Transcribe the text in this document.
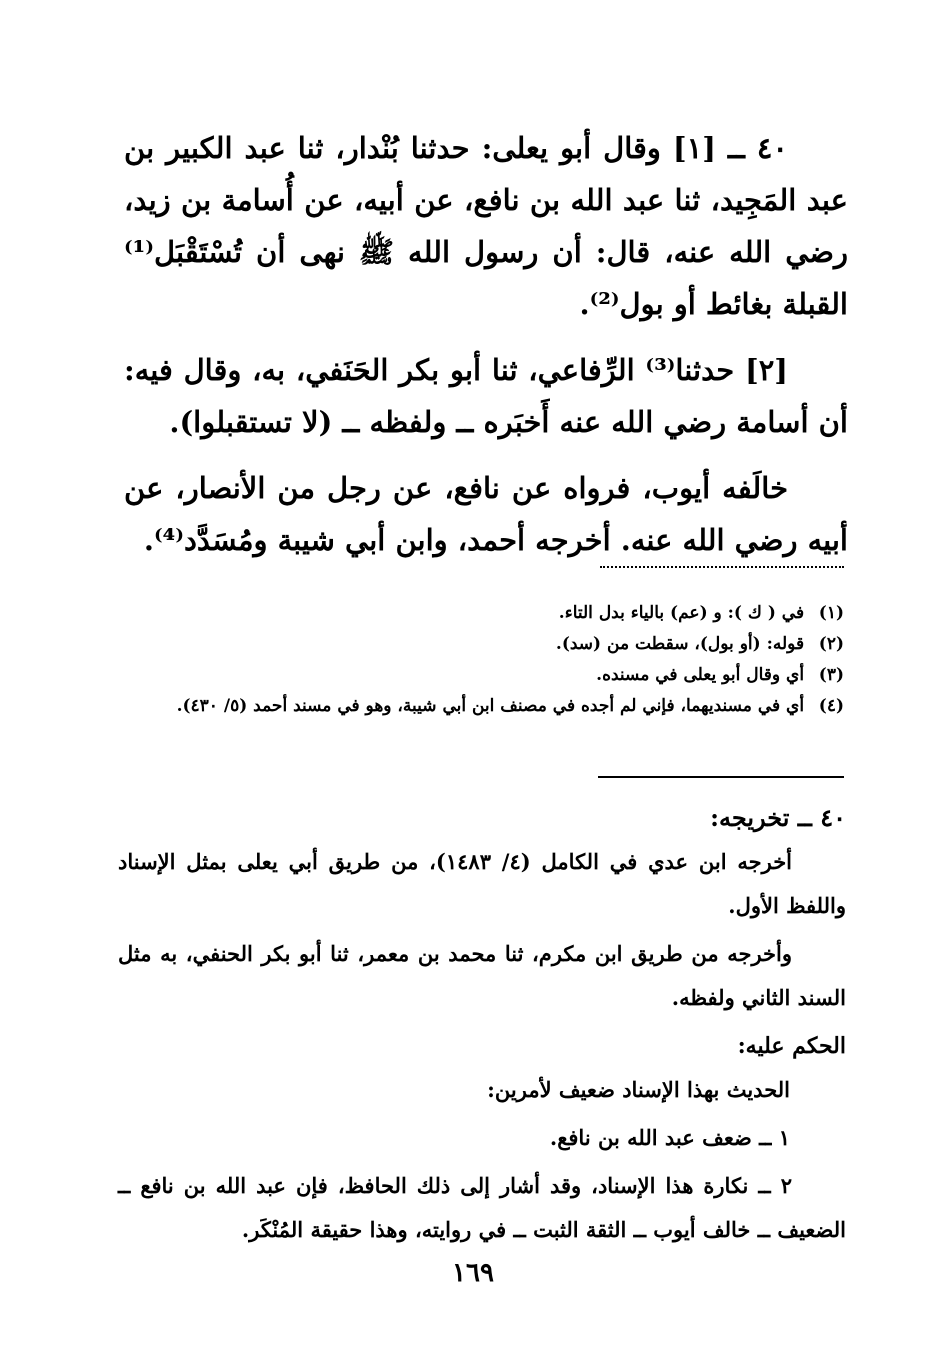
٤٠ ــ [١] وقال أبو يعلى: حدثنا بُنْدار، ثنا عبد الكبير بن عبد المَجِيد، ثنا عبد الله بن نافع، عن أبيه، عن أُسامة بن زيد، رضي الله عنه، قال: أن رسول الله ﷺ نهى أن تُسْتَقْبَل⁽¹⁾ القبلة بغائط أو بول⁽²⁾.

[٢] حدثنا⁽³⁾ الرِّفاعي، ثنا أبو بكر الحَنَفي، به، وقال فيه: أن أسامة رضي الله عنه أَخبَره ــ ولفظه ــ (لا تستقبلوا).

خالَفه أيوب، فرواه عن نافع، عن رجل من الأنصار، عن أبيه رضي الله عنه. أخرجه أحمد، وابن أبي شيبة ومُسَدَّد⁽⁴⁾.

(١) في ( ك ): و (عم) بالياء بدل التاء.

(٢) قوله: (أو بول)، سقطت من (سد).

(٣) أي وقال أبو يعلى في مسنده.

(٤) أي في مسنديهما، فإني لم أجده في مصنف ابن أبي شيبة، وهو في مسند أحمد (٥/ ٤٣٠).

٤٠ ــ تخريجه:

أخرجه ابن عدي في الكامل (٤/ ١٤٨٣)، من طريق أبي يعلى بمثل الإسناد واللفظ الأول.

وأخرجه من طريق ابن مكرم، ثنا محمد بن معمر، ثنا أبو بكر الحنفي، به مثل السند الثاني ولفظه.

الحكم عليه:

الحديث بهذا الإسناد ضعيف لأمرين:

١ ــ ضعف عبد الله بن نافع.

٢ ــ نكارة هذا الإسناد، وقد أشار إلى ذلك الحافظ، فإن عبد الله بن نافع ــ الضعيف ــ خالف أيوب ــ الثقة الثبت ــ في روايته، وهذا حقيقة المُنْكَر.

١٦٩
